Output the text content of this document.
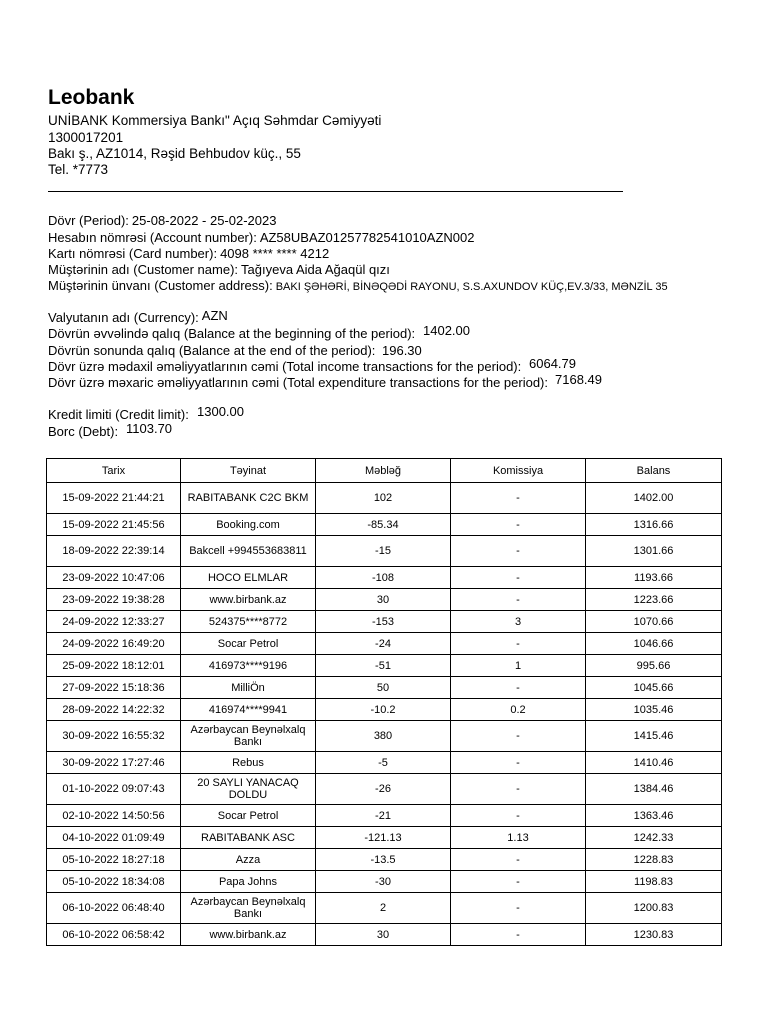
Leobank
UNİBANK Kommersiya Bankı" Açıq Səhmdar Cəmiyyəti
1300017201
Bakı ş., AZ1014, Rəşid Behbudov küç., 55
Tel. *7773
Dövr (Period): 25-08-2022 - 25-02-2023
Hesabın nömrəsi (Account number): AZ58UBAZ01257782541010AZN002
Kartı nömrəsi (Card number): 4098 **** **** 4212
Müştərinin adı (Customer name): Tağıyeva Aida Ağaqül qızı
Müştərinin ünvanı (Customer address): BAKI ŞƏHƏRİ, BİNƏQƏDİ RAYONU, S.S.AXUNDOV KÜÇ,EV.3/33, MƏNZİL 35
Valyutanın adı (Currency): AZN
Dövrün əvvəlində qalıq (Balance at the beginning of the period): 1402.00
Dövrün sonunda qalıq (Balance at the end of the period): 196.30
Dövr üzrə mədaxil əməliyyatlarının cəmi (Total income transactions for the period): 6064.79
Dövr üzrə məxaric əməliyyatlarının cəmi (Total expenditure transactions for the period): 7168.49
Kredit limiti (Credit limit): 1300.00
Borc (Debt): 1103.70
Tarix	Təyinat	Məbləğ	Komissiya	Balans
15-09-2022 21:44:21	RABITABANK C2C BKM	102	-	1402.00
15-09-2022 21:45:56	Booking.com	-85.34	-	1316.66
18-09-2022 22:39:14	Bakcell +994553683811	-15	-	1301.66
23-09-2022 10:47:06	HOCO ELMLAR	-108	-	1193.66
23-09-2022 19:38:28	www.birbank.az	30	-	1223.66
24-09-2022 12:33:27	524375****8772	-153	3	1070.66
24-09-2022 16:49:20	Socar Petrol	-24	-	1046.66
25-09-2022 18:12:01	416973****9196	-51	1	995.66
27-09-2022 15:18:36	MilliÖn	50	-	1045.66
28-09-2022 14:22:32	416974****9941	-10.2	0.2	1035.46
30-09-2022 16:55:32	Azərbaycan Beynəlxalq Bankı	380	-	1415.46
30-09-2022 17:27:46	Rebus	-5	-	1410.46
01-10-2022 09:07:43	20 SAYLI YANACAQ DOLDU	-26	-	1384.46
02-10-2022 14:50:56	Socar Petrol	-21	-	1363.46
04-10-2022 01:09:49	RABITABANK ASC	-121.13	1.13	1242.33
05-10-2022 18:27:18	Azza	-13.5	-	1228.83
05-10-2022 18:34:08	Papa Johns	-30	-	1198.83
06-10-2022 06:48:40	Azərbaycan Beynəlxalq Bankı	2	-	1200.83
06-10-2022 06:58:42	www.birbank.az	30	-	1230.83
